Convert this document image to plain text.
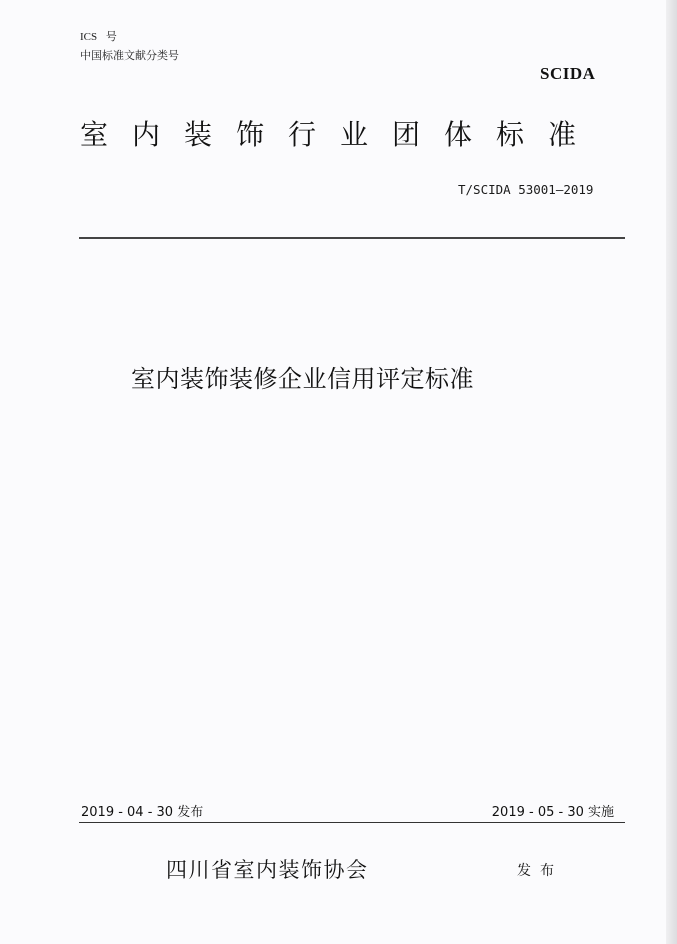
ICS 号
中国标准文献分类号
SCIDA
室内装饰行业团体标准
T/SCIDA 53001—2019
室内装饰装修企业信用评定标准
2019 - 04 - 30 发布	2019 - 05 - 30 实施
四川省室内装饰协会	发布
